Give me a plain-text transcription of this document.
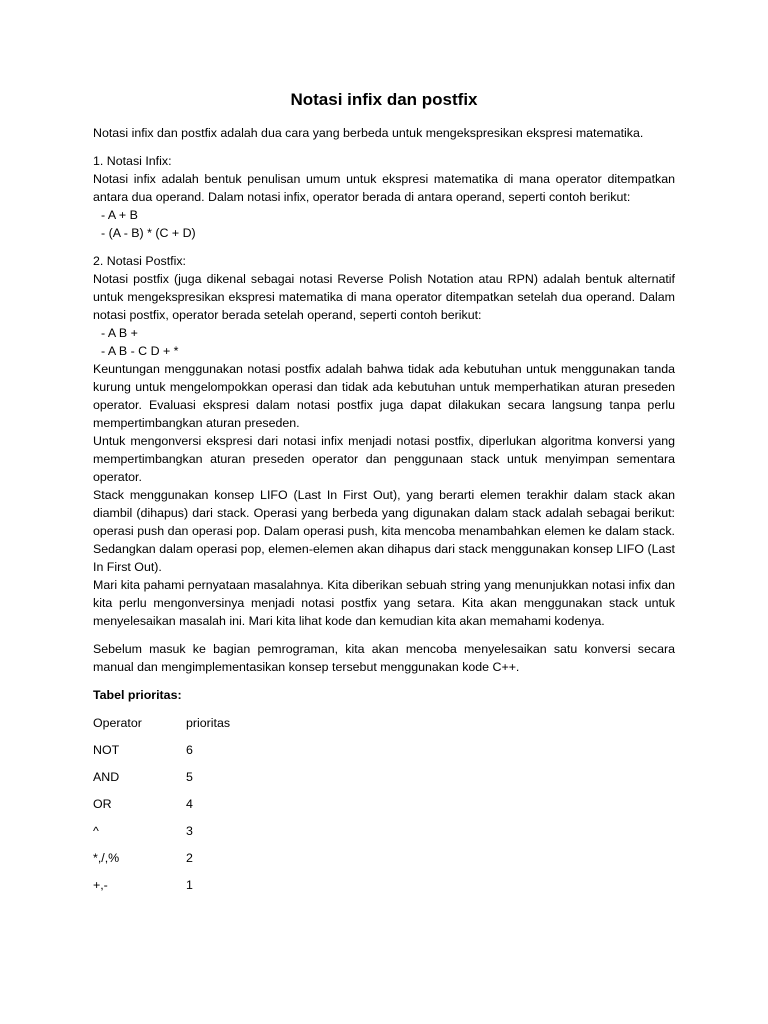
Notasi infix dan postfix

Notasi infix dan postfix adalah dua cara yang berbeda untuk mengekspresikan ekspresi matematika.

1. Notasi Infix:

Notasi infix adalah bentuk penulisan umum untuk ekspresi matematika di mana operator ditempatkan antara dua operand. Dalam notasi infix, operator berada di antara operand, seperti contoh berikut:

- A + B

- (A - B) * (C + D)

2. Notasi Postfix:

Notasi postfix (juga dikenal sebagai notasi Reverse Polish Notation atau RPN) adalah bentuk alternatif untuk mengekspresikan ekspresi matematika di mana operator ditempatkan setelah dua operand. Dalam notasi postfix, operator berada setelah operand, seperti contoh berikut:

- A B +

- A B - C D + *

Keuntungan menggunakan notasi postfix adalah bahwa tidak ada kebutuhan untuk menggunakan tanda kurung untuk mengelompokkan operasi dan tidak ada kebutuhan untuk memperhatikan aturan preseden operator. Evaluasi ekspresi dalam notasi postfix juga dapat dilakukan secara langsung tanpa perlu mempertimbangkan aturan preseden.

Untuk mengonversi ekspresi dari notasi infix menjadi notasi postfix, diperlukan algoritma konversi yang mempertimbangkan aturan preseden operator dan penggunaan stack untuk menyimpan sementara operator.

Stack menggunakan konsep LIFO (Last In First Out), yang berarti elemen terakhir dalam stack akan diambil (dihapus) dari stack. Operasi yang berbeda yang digunakan dalam stack adalah sebagai berikut: operasi push dan operasi pop. Dalam operasi push, kita mencoba menambahkan elemen ke dalam stack. Sedangkan dalam operasi pop, elemen-elemen akan dihapus dari stack menggunakan konsep LIFO (Last In First Out).

Mari kita pahami pernyataan masalahnya. Kita diberikan sebuah string yang menunjukkan notasi infix dan kita perlu mengonversinya menjadi notasi postfix yang setara. Kita akan menggunakan stack untuk menyelesaikan masalah ini. Mari kita lihat kode dan kemudian kita akan memahami kodenya.

Sebelum masuk ke bagian pemrograman, kita akan mencoba menyelesaikan satu konversi secara manual dan mengimplementasikan konsep tersebut menggunakan kode C++.

Tabel prioritas:

Operator	prioritas
NOT	6
AND	5
OR	4
^	3
*,/,%	2
+,-	1
